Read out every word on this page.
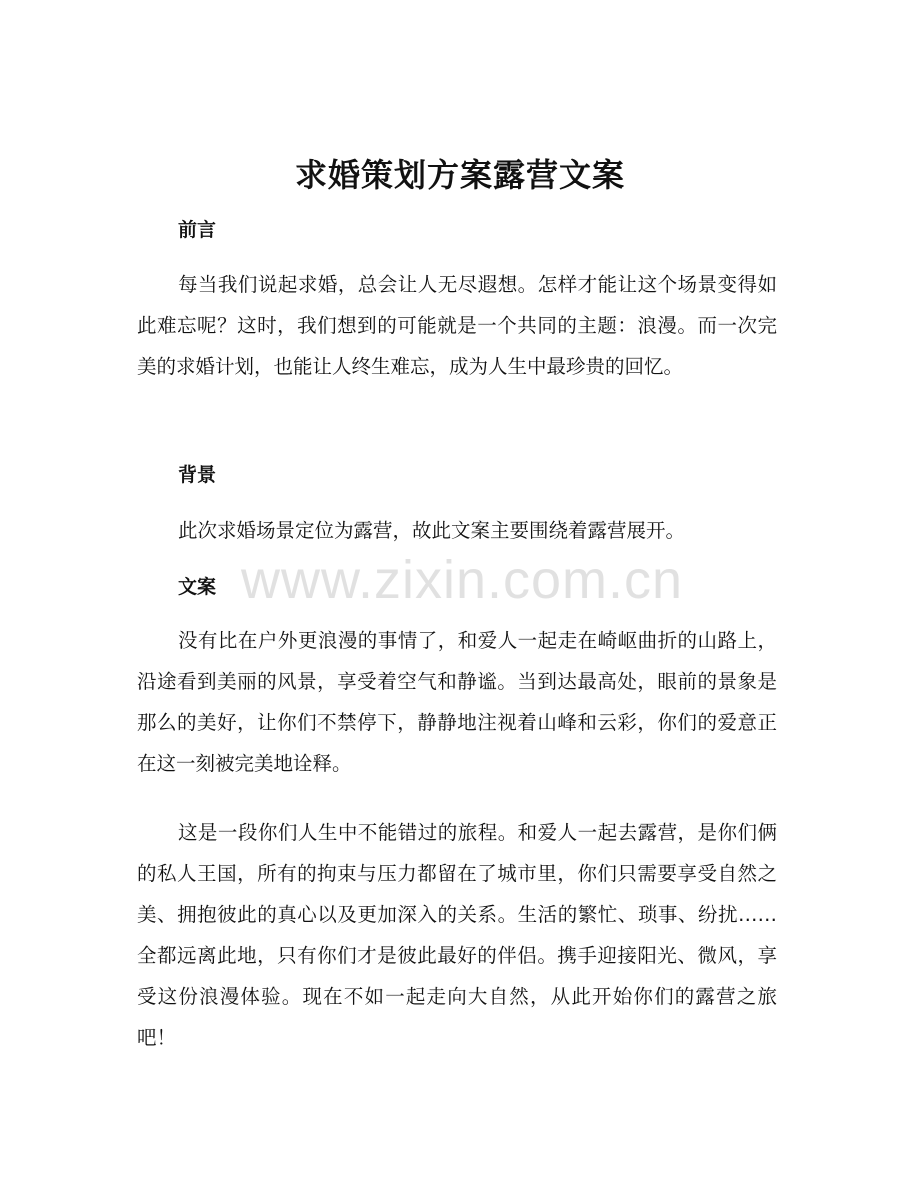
求婚策划方案露营文案
前言

每当我们说起求婚，总会让人无尽遐想。怎样才能让这个场景变得如此难忘呢？这时，我们想到的可能就是一个共同的主题：浪漫。而一次完美的求婚计划，也能让人终生难忘，成为人生中最珍贵的回忆。

背景

此次求婚场景定位为露营，故此文案主要围绕着露营展开。

文案

没有比在户外更浪漫的事情了，和爱人一起走在崎岖曲折的山路上，沿途看到美丽的风景，享受着空气和静谧。当到达最高处，眼前的景象是那么的美好，让你们不禁停下，静静地注视着山峰和云彩，你们的爱意正在这一刻被完美地诠释。

这是一段你们人生中不能错过的旅程。和爱人一起去露营，是你们俩的私人王国，所有的拘束与压力都留在了城市里，你们只需要享受自然之美、拥抱彼此的真心以及更加深入的关系。生活的繁忙、琐事、纷扰……全都远离此地，只有你们才是彼此最好的伴侣。携手迎接阳光、微风，享受这份浪漫体验。现在不如一起走向大自然，从此开始你们的露营之旅吧！

www.zixin.com.cn
